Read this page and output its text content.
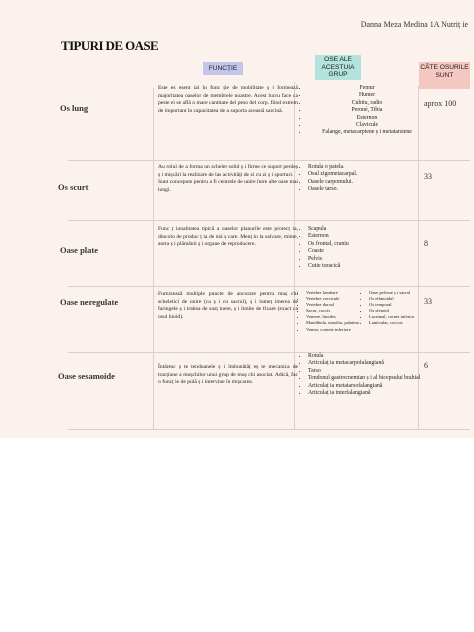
Danna Meza Medina 1A Nutriț ie
TIPURI DE OASE
FUNCȚIE
OSE ALE ACESTUIA GRUP
CÂTE OSURILE SUNT
Os lung

Este es esent ial în func ție de mobilitate ș i formează majoritatea oaselor de membrele noastre. Acest lucru face ca peste ei se află o mare cantitate del peso del corp. fiind extrem de important în capacitatea de a suporta această sarcină.

• Femur
• Humer
• Cubitu, radio
• Peroné, Tibia
• Esternon
• Clavicule
• Falange, metacarpiene ș i metatarsiene
aprox 100
Os scurt

Au rolul de a forma un schelet solid ș i firme ce suport perdeș ș i mișcări la realizare de las activități de zi cu zi ș i sporturi.

Sunt concepute pentru a fi centrele de unire între alte oase mai lungi.

• Rotula o patela.
• Osul zigometacarpal.
• Oasele carpomului.
• Oasele tarso.
33
Oase plate

Func ț ionalitatea tipică a oaselor planurile este protecț ia, dincolo de produc ț ia de mă ș care. Menț in la salvare, mime, aorta ș i plămânii ș i organe de reproducere.

• Scapula
• Esternon
• Os frontal, craniu
• Coaste
• Pelvis
• Cutie toracică
8
Oase neregulate

Furnizează multiple puncte de ancorare pentru muș chi scheletici de unire (ca ș i cu sacrul), ș i lumeț imerea de faringele ș i trahea de susț inere, ș i limite de fixare (exact ca osul hioid).

• Vertebre lombare	• Oase pelvine ș i sacral
• Vertebre cervicale	• Os ethmoidal
• Vertebre dorsal	• Os temporal
• Sacru, coccis	• Os sfenoid
• Vomere, hioides	• Lacrimal, cornet inferior
• Mandibula, maxilar, palatina	• Lanticular, coccus
• Vomer, cornete inferiore
33
Oase sesamoide

Întăresc ș te tendoanele ș i îmbunătăț eș te mecanica de tracțiune a mușchilor unui grup de muș chi asociat. Adică, fac o funcț ie de pulă ș i intervine în mișcarea.

• Rotula
• Articulaț ia metacarpofalangiană
• Tarso
• Tendonul gastrocnemian ș i al bicepsului brahial
• Articulaț ia metatarsofalangiană
• Articulaț ia interfalangiană
6
